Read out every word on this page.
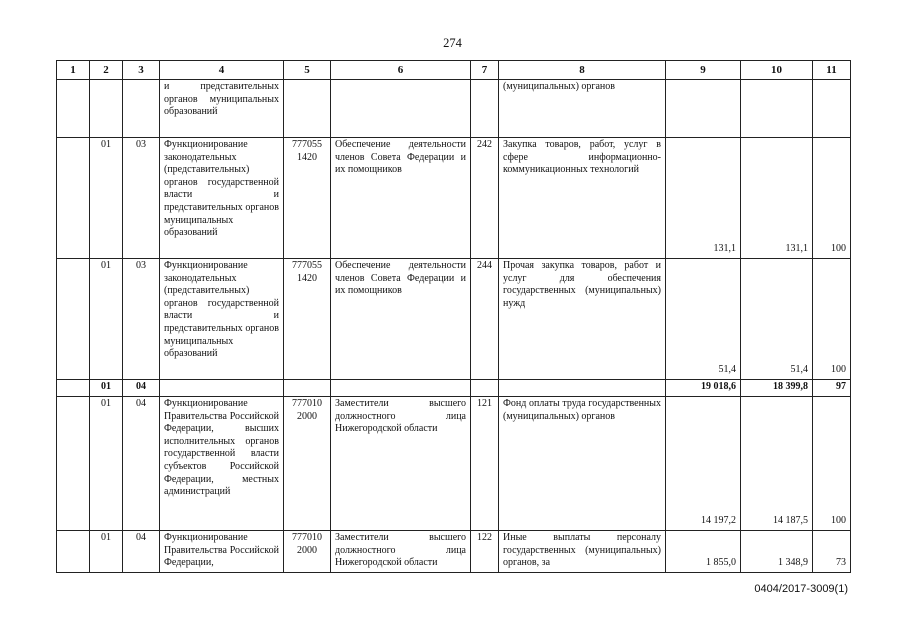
274
1	2	3	4	5	6	7	8	9	10	11
			и представительных органов муниципальных образований				(муниципальных) органов			
	01	03	Функционирование законодательных (представительных) органов государственной власти и представительных органов муниципальных образований	777055 1420	Обеспечение деятельности членов Совета Федерации и их помощников	242	Закупка товаров, работ, услуг в сфере информационно-коммуникационных технологий	131,1	131,1	100
	01	03	Функционирование законодательных (представительных) органов государственной власти и представительных органов муниципальных образований	777055 1420	Обеспечение деятельности членов Совета Федерации и их помощников	244	Прочая закупка товаров, работ и услуг для обеспечения государственных (муниципальных) нужд	51,4	51,4	100
	01	04						19 018,6	18 399,8	97
	01	04	Функционирование Правительства Российской Федерации, высших исполнительных органов государственной власти субъектов Российской Федерации, местных администраций	777010 2000	Заместители высшего должностного лица Нижегородской области	121	Фонд оплаты труда государственных (муниципальных) органов	14 197,2	14 187,5	100
	01	04	Функционирование Правительства Российской Федерации,	777010 2000	Заместители высшего должностного лица Нижегородской области	122	Иные выплаты персоналу государственных (муниципальных) органов, за	1 855,0	1 348,9	73
0404/2017-3009(1)
